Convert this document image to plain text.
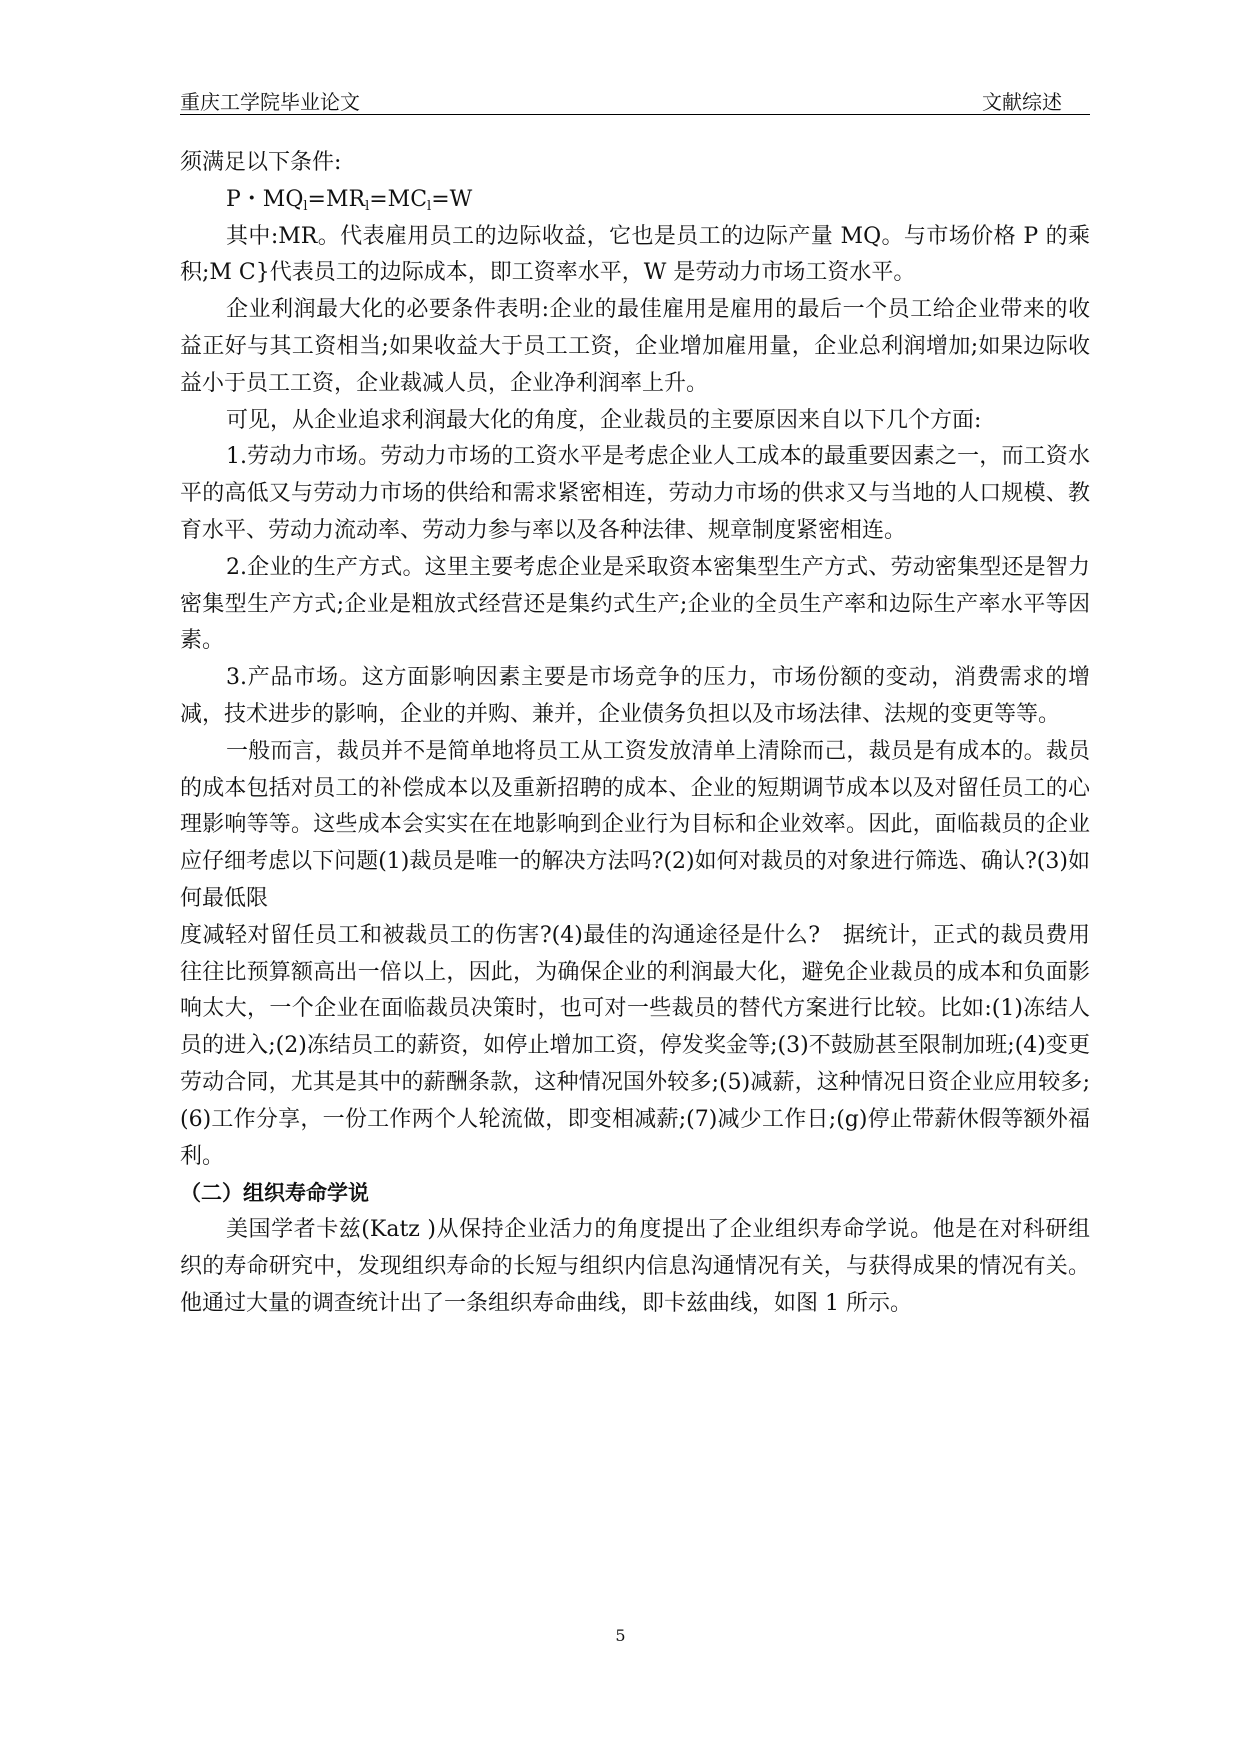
重庆工学院毕业论文	文献综述

须满足以下条件:

P・$MQ_l=MR_l=MC_l=W$

其中:MR。代表雇用员工的边际收益，它也是员工的边际产量 MQ。与市场价格 P 的乘积;M C}代表员工的边际成本，即工资率水平，W 是劳动力市场工资水平。

企业利润最大化的必要条件表明:企业的最佳雇用是雇用的最后一个员工给企业带来的收益正好与其工资相当;如果收益大于员工工资，企业增加雇用量，企业总利润增加;如果边际收益小于员工工资，企业裁减人员，企业净利润率上升。

可见，从企业追求利润最大化的角度，企业裁员的主要原因来自以下几个方面:

1.劳动力市场。劳动力市场的工资水平是考虑企业人工成本的最重要因素之一，而工资水平的高低又与劳动力市场的供给和需求紧密相连，劳动力市场的供求又与当地的人口规模、教育水平、劳动力流动率、劳动力参与率以及各种法律、规章制度紧密相连。

2.企业的生产方式。这里主要考虑企业是采取资本密集型生产方式、劳动密集型还是智力密集型生产方式;企业是粗放式经营还是集约式生产;企业的全员生产率和边际生产率水平等因素。

3.产品市场。这方面影响因素主要是市场竞争的压力，市场份额的变动，消费需求的增减，技术进步的影响，企业的并购、兼并，企业债务负担以及市场法律、法规的变更等等。

一般而言，裁员并不是简单地将员工从工资发放清单上清除而己，裁员是有成本的。裁员的成本包括对员工的补偿成本以及重新招聘的成本、企业的短期调节成本以及对留任员工的心理影响等等。这些成本会实实在在地影响到企业行为目标和企业效率。因此，面临裁员的企业应仔细考虑以下问题(1)裁员是唯一的解决方法吗?(2)如何对裁员的对象进行筛选、确认?(3)如何最低限

度减轻对留任员工和被裁员工的伤害?(4)最佳的沟通途径是什么?　据统计，正式的裁员费用往往比预算额高出一倍以上，因此，为确保企业的利润最大化，避免企业裁员的成本和负面影响太大，一个企业在面临裁员决策时，也可对一些裁员的替代方案进行比较。比如:(1)冻结人员的进入;(2)冻结员工的薪资，如停止增加工资，停发奖金等;(3)不鼓励甚至限制加班;(4)变更劳动合同，尤其是其中的薪酬条款，这种情况国外较多;(5)减薪，这种情况日资企业应用较多;(6)工作分享，一份工作两个人轮流做，即变相减薪;(7)减少工作日;(g)停止带薪休假等额外福利。

（二）组织寿命学说

美国学者卡兹(Katz )从保持企业活力的角度提出了企业组织寿命学说。他是在对科研组织的寿命研究中，发现组织寿命的长短与组织内信息沟通情况有关，与获得成果的情况有关。他通过大量的调查统计出了一条组织寿命曲线，即卡兹曲线，如图 1 所示。

5
